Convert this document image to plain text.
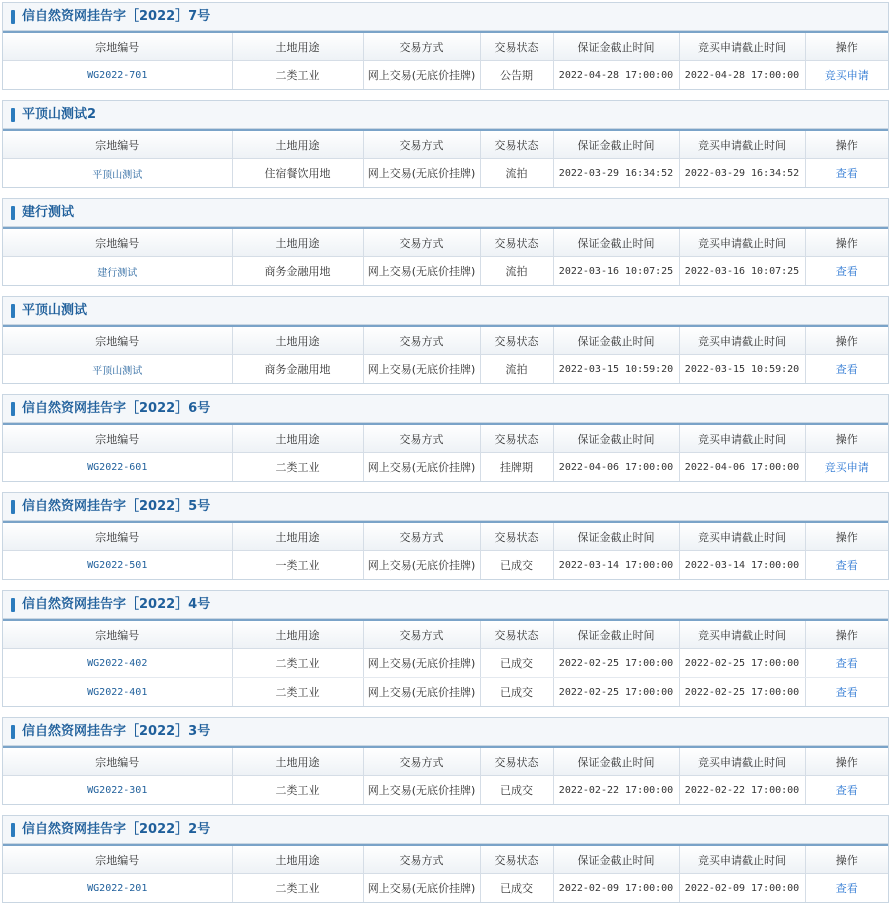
信自然资网挂告字［2022］7号
宗地编号	土地用途	交易方式	交易状态	保证金截止时间	竞买申请截止时间	操作
WG2022-701	二类工业	网上交易(无底价挂牌)	公告期	2022-04-28 17:00:00	2022-04-28 17:00:00	竞买申请
平顶山测试2
宗地编号	土地用途	交易方式	交易状态	保证金截止时间	竞买申请截止时间	操作
平顶山测试	住宿餐饮用地	网上交易(无底价挂牌)	流拍	2022-03-29 16:34:52	2022-03-29 16:34:52	查看
建行测试
宗地编号	土地用途	交易方式	交易状态	保证金截止时间	竞买申请截止时间	操作
建行测试	商务金融用地	网上交易(无底价挂牌)	流拍	2022-03-16 10:07:25	2022-03-16 10:07:25	查看
平顶山测试
宗地编号	土地用途	交易方式	交易状态	保证金截止时间	竞买申请截止时间	操作
平顶山测试	商务金融用地	网上交易(无底价挂牌)	流拍	2022-03-15 10:59:20	2022-03-15 10:59:20	查看
信自然资网挂告字［2022］6号
宗地编号	土地用途	交易方式	交易状态	保证金截止时间	竞买申请截止时间	操作
WG2022-601	二类工业	网上交易(无底价挂牌)	挂牌期	2022-04-06 17:00:00	2022-04-06 17:00:00	竞买申请
信自然资网挂告字［2022］5号
宗地编号	土地用途	交易方式	交易状态	保证金截止时间	竞买申请截止时间	操作
WG2022-501	一类工业	网上交易(无底价挂牌)	已成交	2022-03-14 17:00:00	2022-03-14 17:00:00	查看
信自然资网挂告字［2022］4号
宗地编号	土地用途	交易方式	交易状态	保证金截止时间	竞买申请截止时间	操作
WG2022-402	二类工业	网上交易(无底价挂牌)	已成交	2022-02-25 17:00:00	2022-02-25 17:00:00	查看
WG2022-401	二类工业	网上交易(无底价挂牌)	已成交	2022-02-25 17:00:00	2022-02-25 17:00:00	查看
信自然资网挂告字［2022］3号
宗地编号	土地用途	交易方式	交易状态	保证金截止时间	竞买申请截止时间	操作
WG2022-301	二类工业	网上交易(无底价挂牌)	已成交	2022-02-22 17:00:00	2022-02-22 17:00:00	查看
信自然资网挂告字［2022］2号
宗地编号	土地用途	交易方式	交易状态	保证金截止时间	竞买申请截止时间	操作
WG2022-201	二类工业	网上交易(无底价挂牌)	已成交	2022-02-09 17:00:00	2022-02-09 17:00:00	查看
